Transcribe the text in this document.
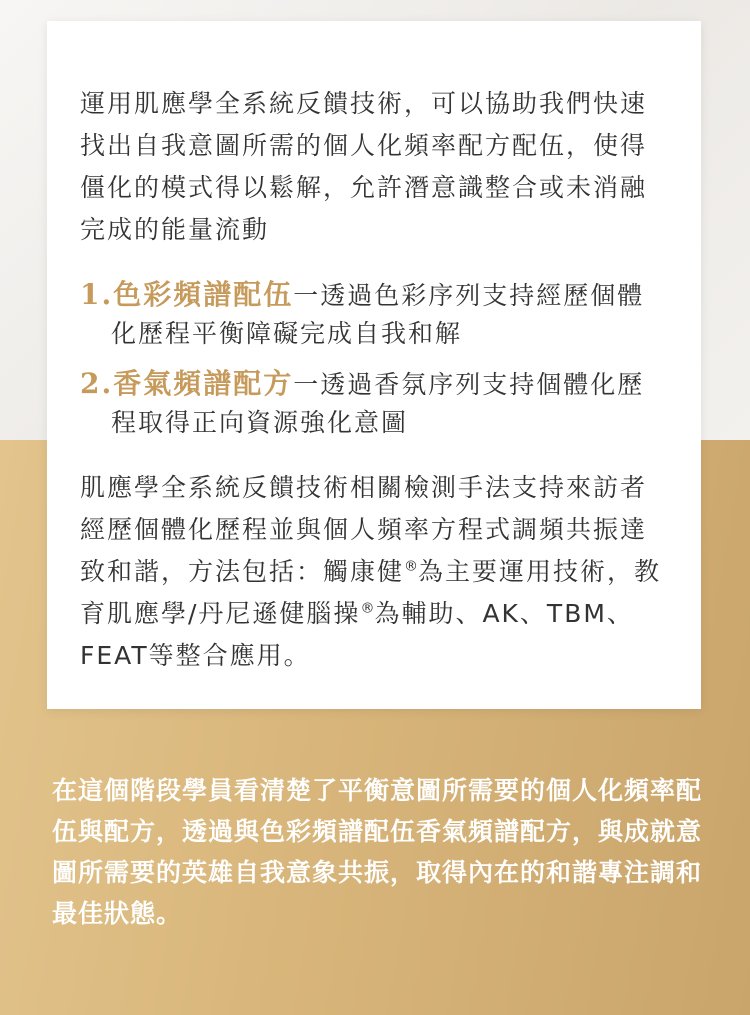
運用肌應學全系統反饋技術，可以協助我們快速找出自我意圖所需的個人化頻率配方配伍，使得僵化的模式得以鬆解，允許潛意識整合或未消融完成的能量流動

1.色彩頻譜配伍一透過色彩序列支持經歷個體化歷程平衡障礙完成自我和解
2.香氣頻譜配方一透過香氛序列支持個體化歷程取得正向資源強化意圖

肌應學全系統反饋技術相關檢測手法支持來訪者經歷個體化歷程並與個人頻率方程式調頻共振達致和諧，方法包括：觸康健®為主要運用技術，教育肌應學/丹尼遜健腦操®為輔助、AK、TBM、FEAT等整合應用。

在這個階段學員看清楚了平衡意圖所需要的個人化頻率配伍與配方，透過與色彩頻譜配伍香氣頻譜配方，與成就意圖所需要的英雄自我意象共振，取得內在的和諧專注調和最佳狀態。
